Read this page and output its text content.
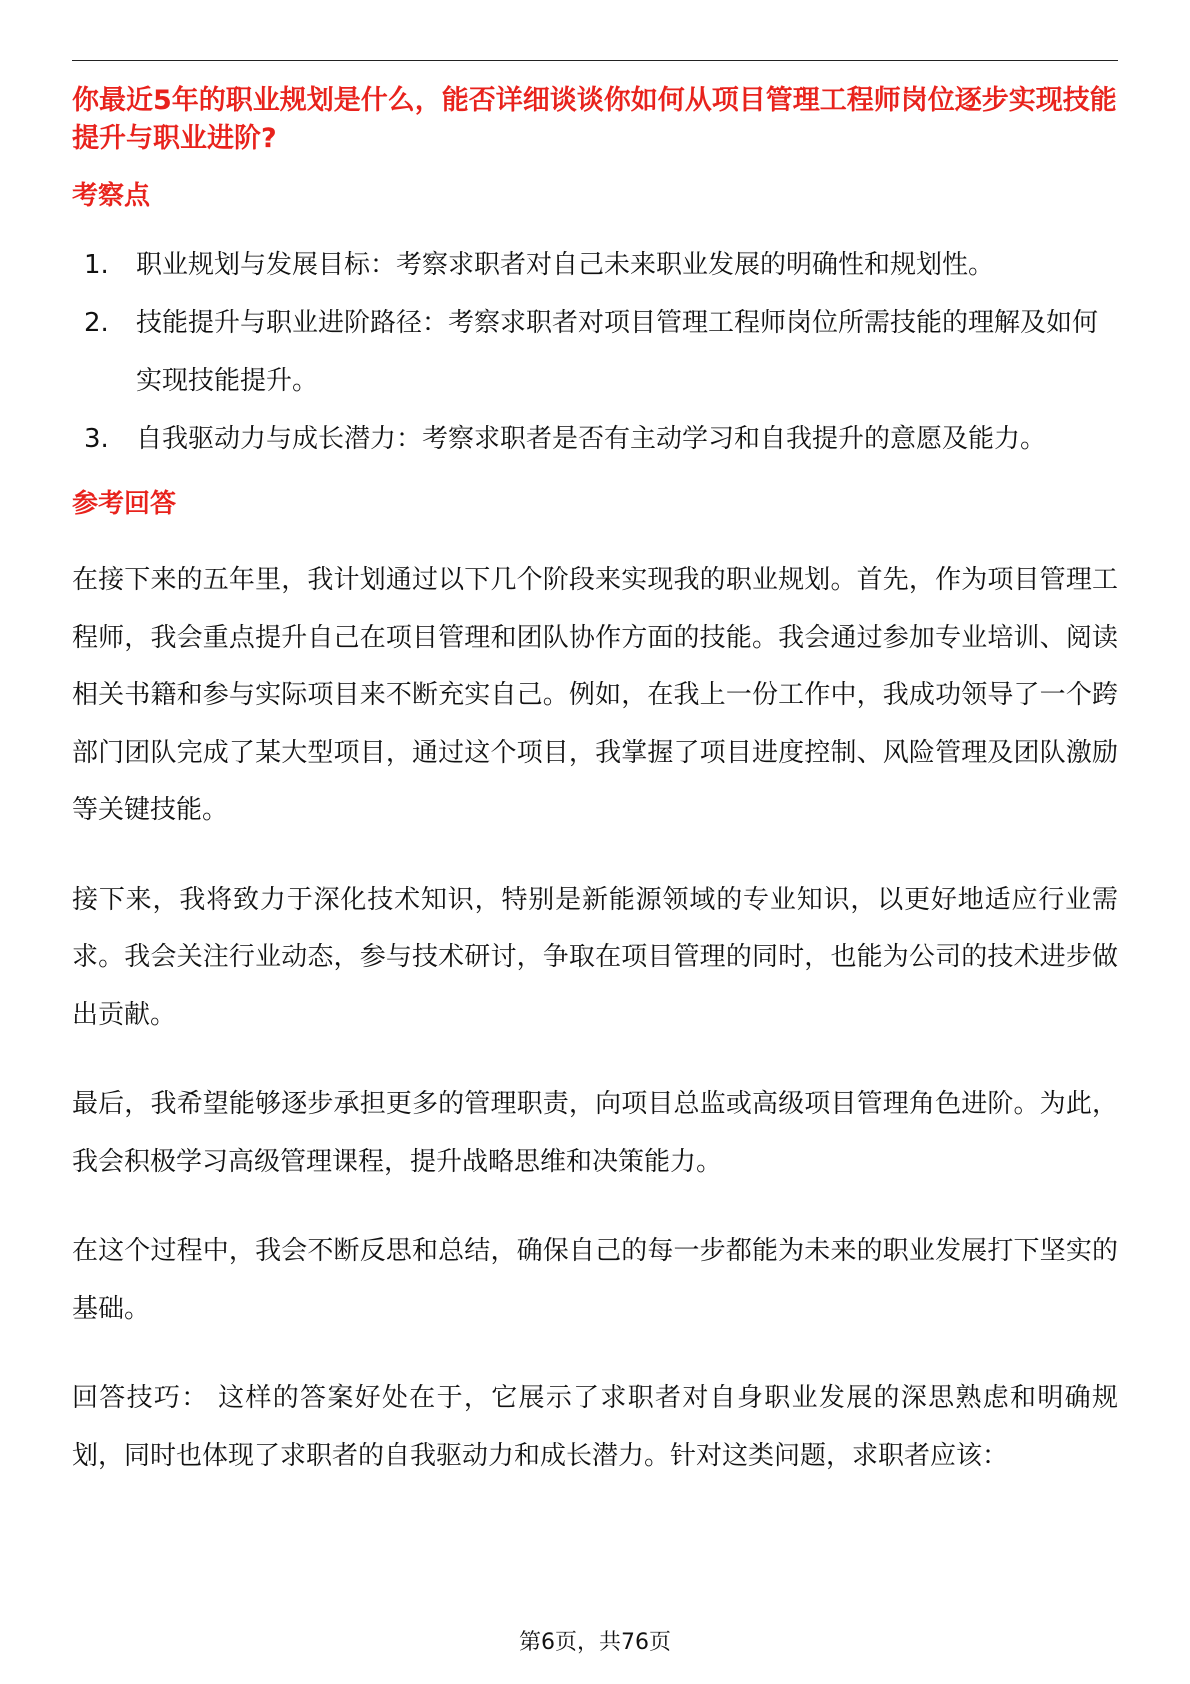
你最近5年的职业规划是什么，能否详细谈谈你如何从项目管理工程师岗位逐步实现技能提升与职业进阶?

考察点
1.	职业规划与发展目标：考察求职者对自己未来职业发展的明确性和规划性。
2.	技能提升与职业进阶路径：考察求职者对项目管理工程师岗位所需技能的理解及如何实现技能提升。
3.	自我驱动力与成长潜力：考察求职者是否有主动学习和自我提升的意愿及能力。
参考回答

在接下来的五年里，我计划通过以下几个阶段来实现我的职业规划。首先，作为项目管理工程师，我会重点提升自己在项目管理和团队协作方面的技能。我会通过参加专业培训、阅读相关书籍和参与实际项目来不断充实自己。例如，在我上一份工作中，我成功领导了一个跨部门团队完成了某大型项目，通过这个项目，我掌握了项目进度控制、风险管理及团队激励等关键技能。

接下来，我将致力于深化技术知识，特别是新能源领域的专业知识，以更好地适应行业需求。我会关注行业动态，参与技术研讨，争取在项目管理的同时，也能为公司的技术进步做出贡献。

最后，我希望能够逐步承担更多的管理职责，向项目总监或高级项目管理角色进阶。为此，我会积极学习高级管理课程，提升战略思维和决策能力。

在这个过程中，我会不断反思和总结，确保自己的每一步都能为未来的职业发展打下坚实的基础。

回答技巧： 这样的答案好处在于，它展示了求职者对自身职业发展的深思熟虑和明确规划，同时也体现了求职者的自我驱动力和成长潜力。针对这类问题，求职者应该：

第6页，共76页
